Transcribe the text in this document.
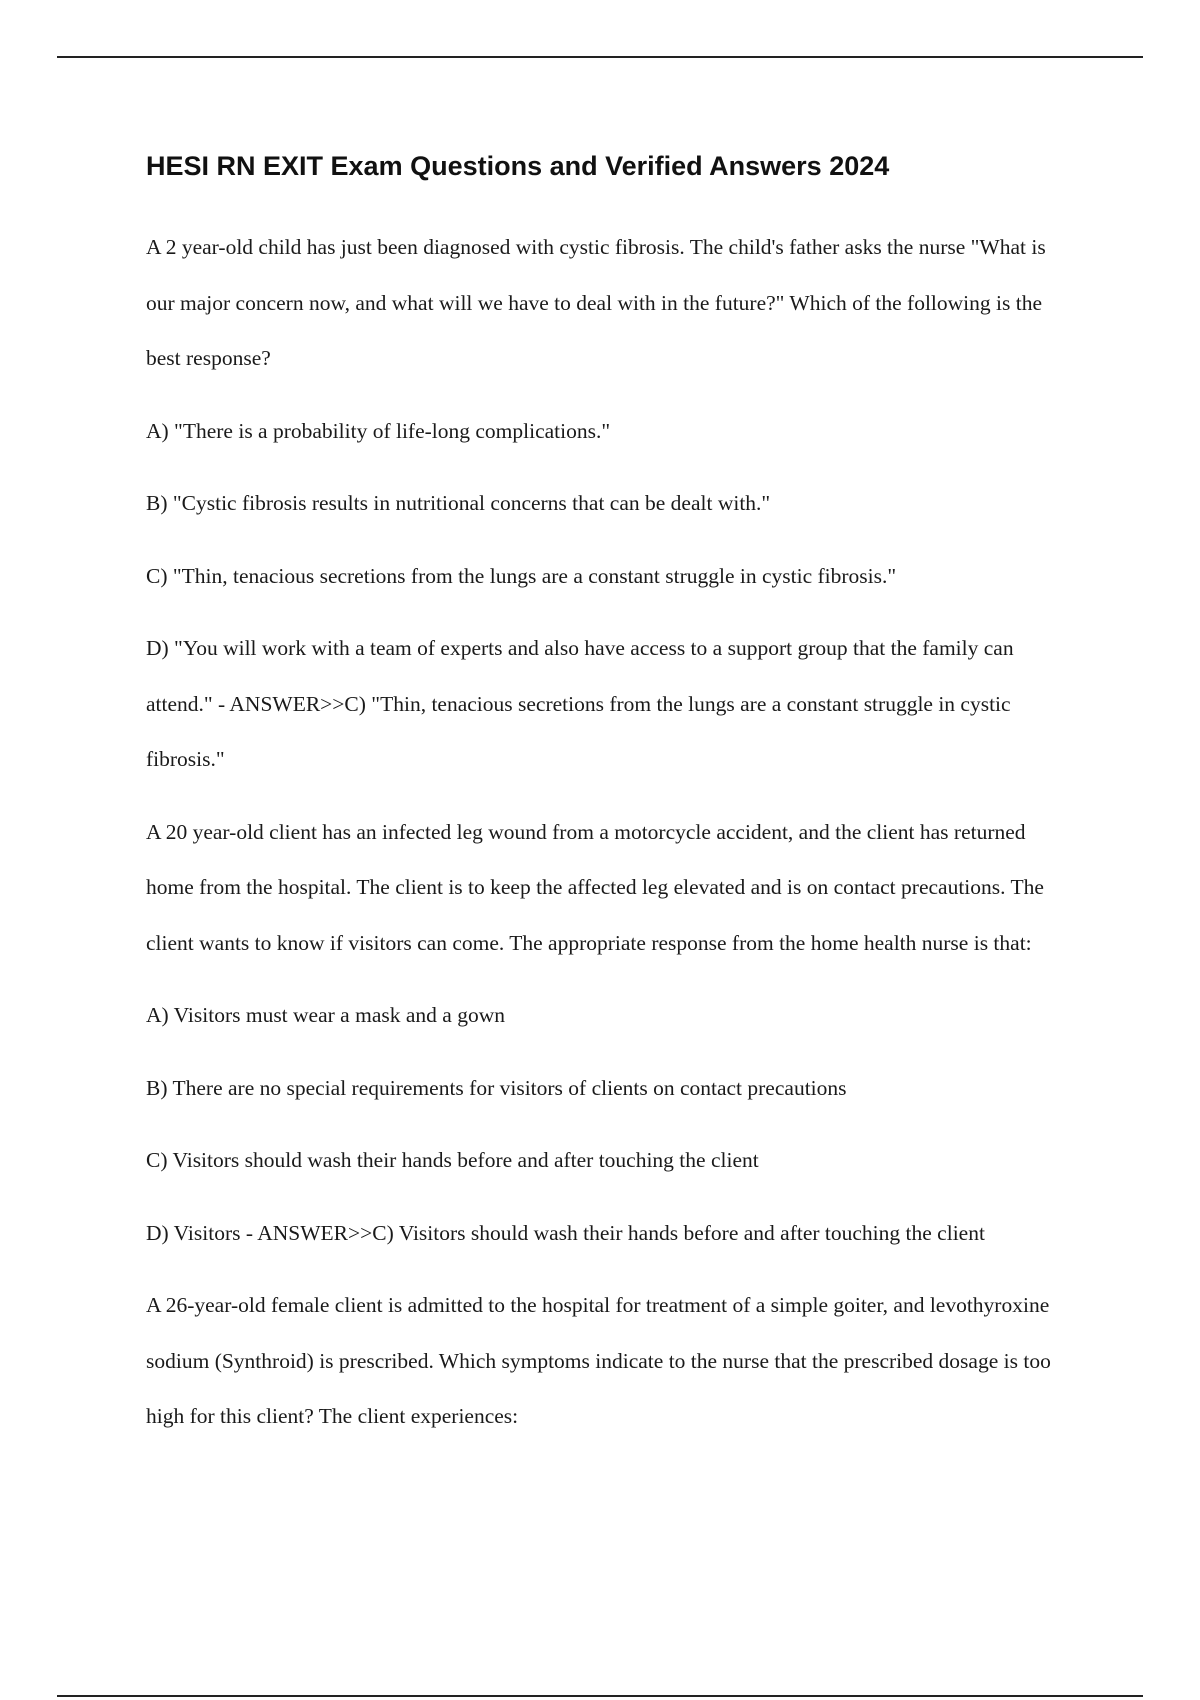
HESI RN EXIT Exam Questions and Verified Answers 2024

A 2 year-old child has just been diagnosed with cystic fibrosis. The child's father asks the nurse "What is our major concern now, and what will we have to deal with in the future?" Which of the following is the best response?

A) "There is a probability of life-long complications."

B) "Cystic fibrosis results in nutritional concerns that can be dealt with."

C) "Thin, tenacious secretions from the lungs are a constant struggle in cystic fibrosis."

D) "You will work with a team of experts and also have access to a support group that the family can attend." - ANSWER>>C) "Thin, tenacious secretions from the lungs are a constant struggle in cystic fibrosis."

A 20 year-old client has an infected leg wound from a motorcycle accident, and the client has returned home from the hospital. The client is to keep the affected leg elevated and is on contact precautions. The client wants to know if visitors can come. The appropriate response from the home health nurse is that:

A) Visitors must wear a mask and a gown

B) There are no special requirements for visitors of clients on contact precautions

C) Visitors should wash their hands before and after touching the client

D) Visitors - ANSWER>>C) Visitors should wash their hands before and after touching the client

A 26-year-old female client is admitted to the hospital for treatment of a simple goiter, and levothyroxine sodium (Synthroid) is prescribed. Which symptoms indicate to the nurse that the prescribed dosage is too high for this client? The client experiences:
